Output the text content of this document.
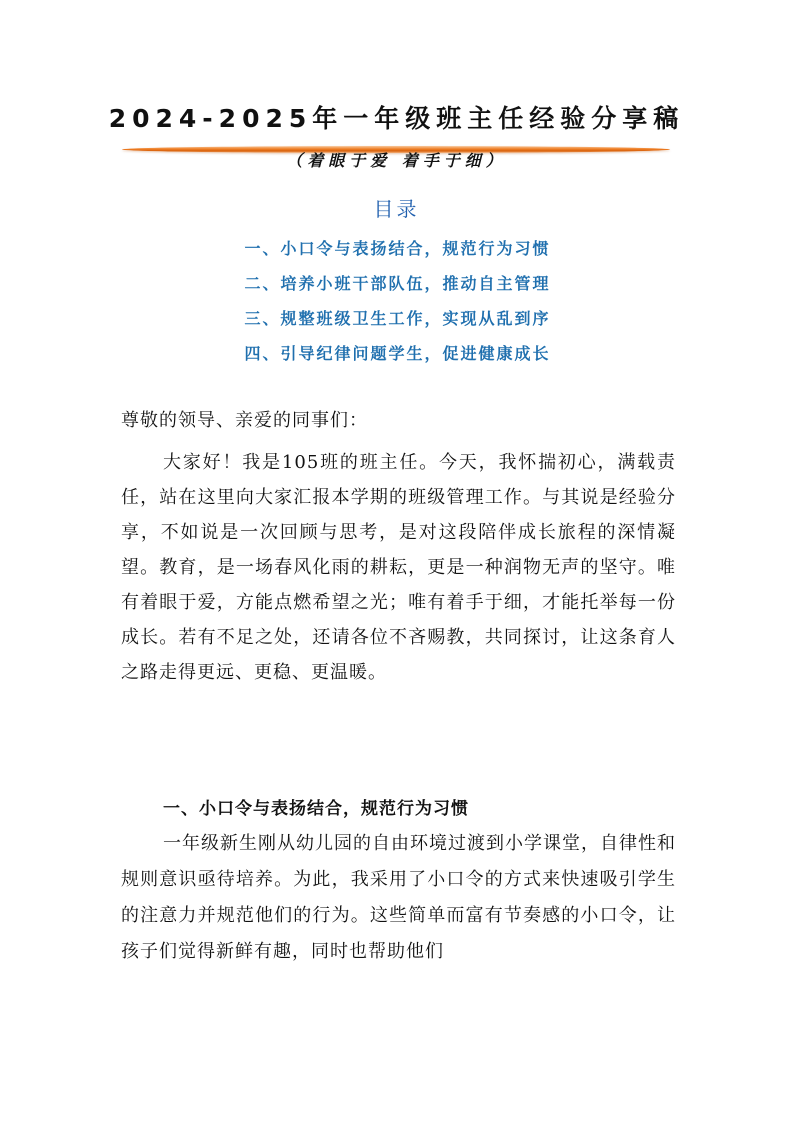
2024-2025年一年级班主任经验分享稿
（着眼于爱 着手于细）
目录
一、小口令与表扬结合，规范行为习惯
二、培养小班干部队伍，推动自主管理
三、规整班级卫生工作，实现从乱到序
四、引导纪律问题学生，促进健康成长
尊敬的领导、亲爱的同事们：

大家好！我是105班的班主任。今天，我怀揣初心，满载责任，站在这里向大家汇报本学期的班级管理工作。与其说是经验分享，不如说是一次回顾与思考，是对这段陪伴成长旅程的深情凝望。教育，是一场春风化雨的耕耘，更是一种润物无声的坚守。唯有着眼于爱，方能点燃希望之光；唯有着手于细，才能托举每一份成长。若有不足之处，还请各位不吝赐教，共同探讨，让这条育人之路走得更远、更稳、更温暖。

一、小口令与表扬结合，规范行为习惯

一年级新生刚从幼儿园的自由环境过渡到小学课堂，自律性和规则意识亟待培养。为此，我采用了小口令的方式来快速吸引学生的注意力并规范他们的行为。这些简单而富有节奏感的小口令，让孩子们觉得新鲜有趣，同时也帮助他们
